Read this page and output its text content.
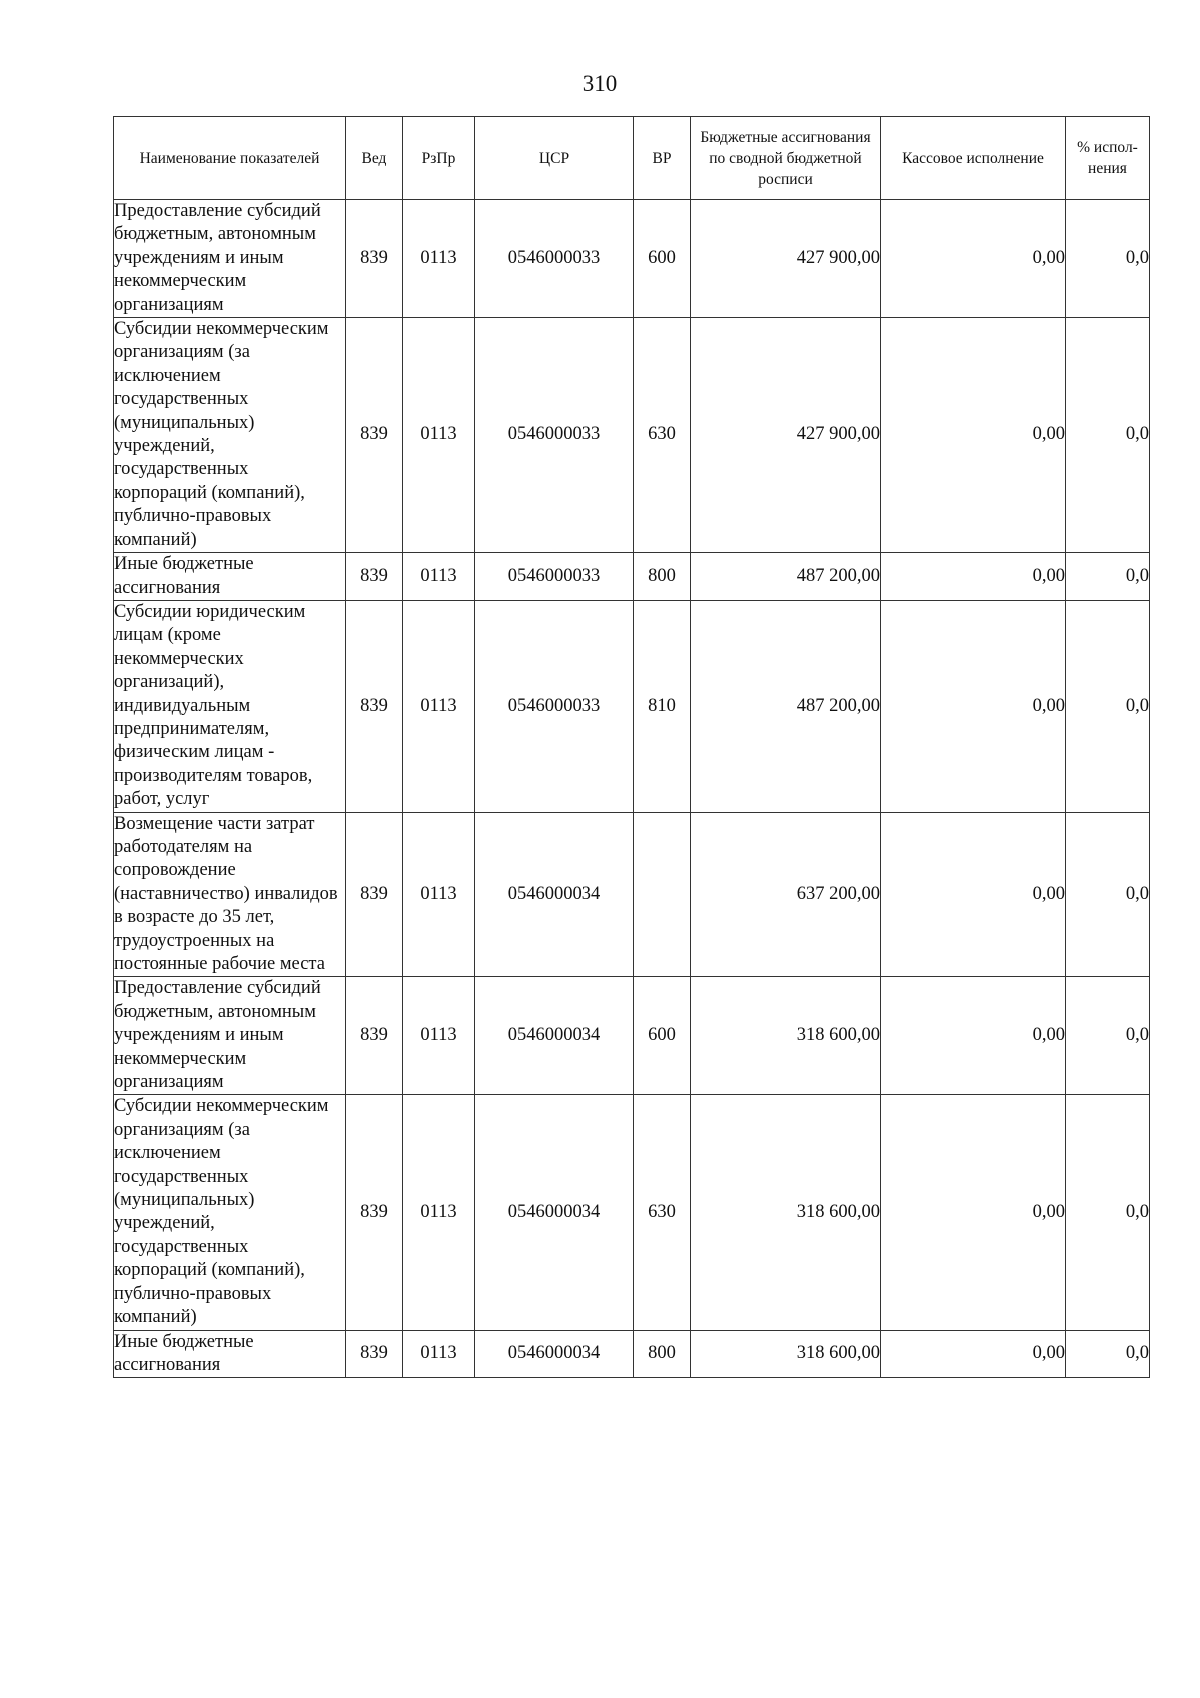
310
Наименование показателей	Вед	РзПр	ЦСР	ВР	Бюджетные ассигнования по сводной бюджетной росписи	Кассовое исполнение	% испол-нения
Предоставление субсидий бюджетным, автономным учреждениям и иным некоммерческим организациям	839	0113	0546000033	600	427 900,00	0,00	0,0
Субсидии некоммерческим организациям (за исключением государственных (муниципальных) учреждений, государственных корпораций (компаний), публично-правовых компаний)	839	0113	0546000033	630	427 900,00	0,00	0,0
Иные бюджетные ассигнования	839	0113	0546000033	800	487 200,00	0,00	0,0
Субсидии юридическим лицам (кроме некоммерческих организаций), индивидуальным предпринимателям, физическим лицам - производителям товаров, работ, услуг	839	0113	0546000033	810	487 200,00	0,00	0,0
Возмещение части затрат работодателям на сопровождение (наставничество) инвалидов в возрасте до 35 лет, трудоустроенных на постоянные рабочие места	839	0113	0546000034		637 200,00	0,00	0,0
Предоставление субсидий бюджетным, автономным учреждениям и иным некоммерческим организациям	839	0113	0546000034	600	318 600,00	0,00	0,0
Субсидии некоммерческим организациям (за исключением государственных (муниципальных) учреждений, государственных корпораций (компаний), публично-правовых компаний)	839	0113	0546000034	630	318 600,00	0,00	0,0
Иные бюджетные ассигнования	839	0113	0546000034	800	318 600,00	0,00	0,0
